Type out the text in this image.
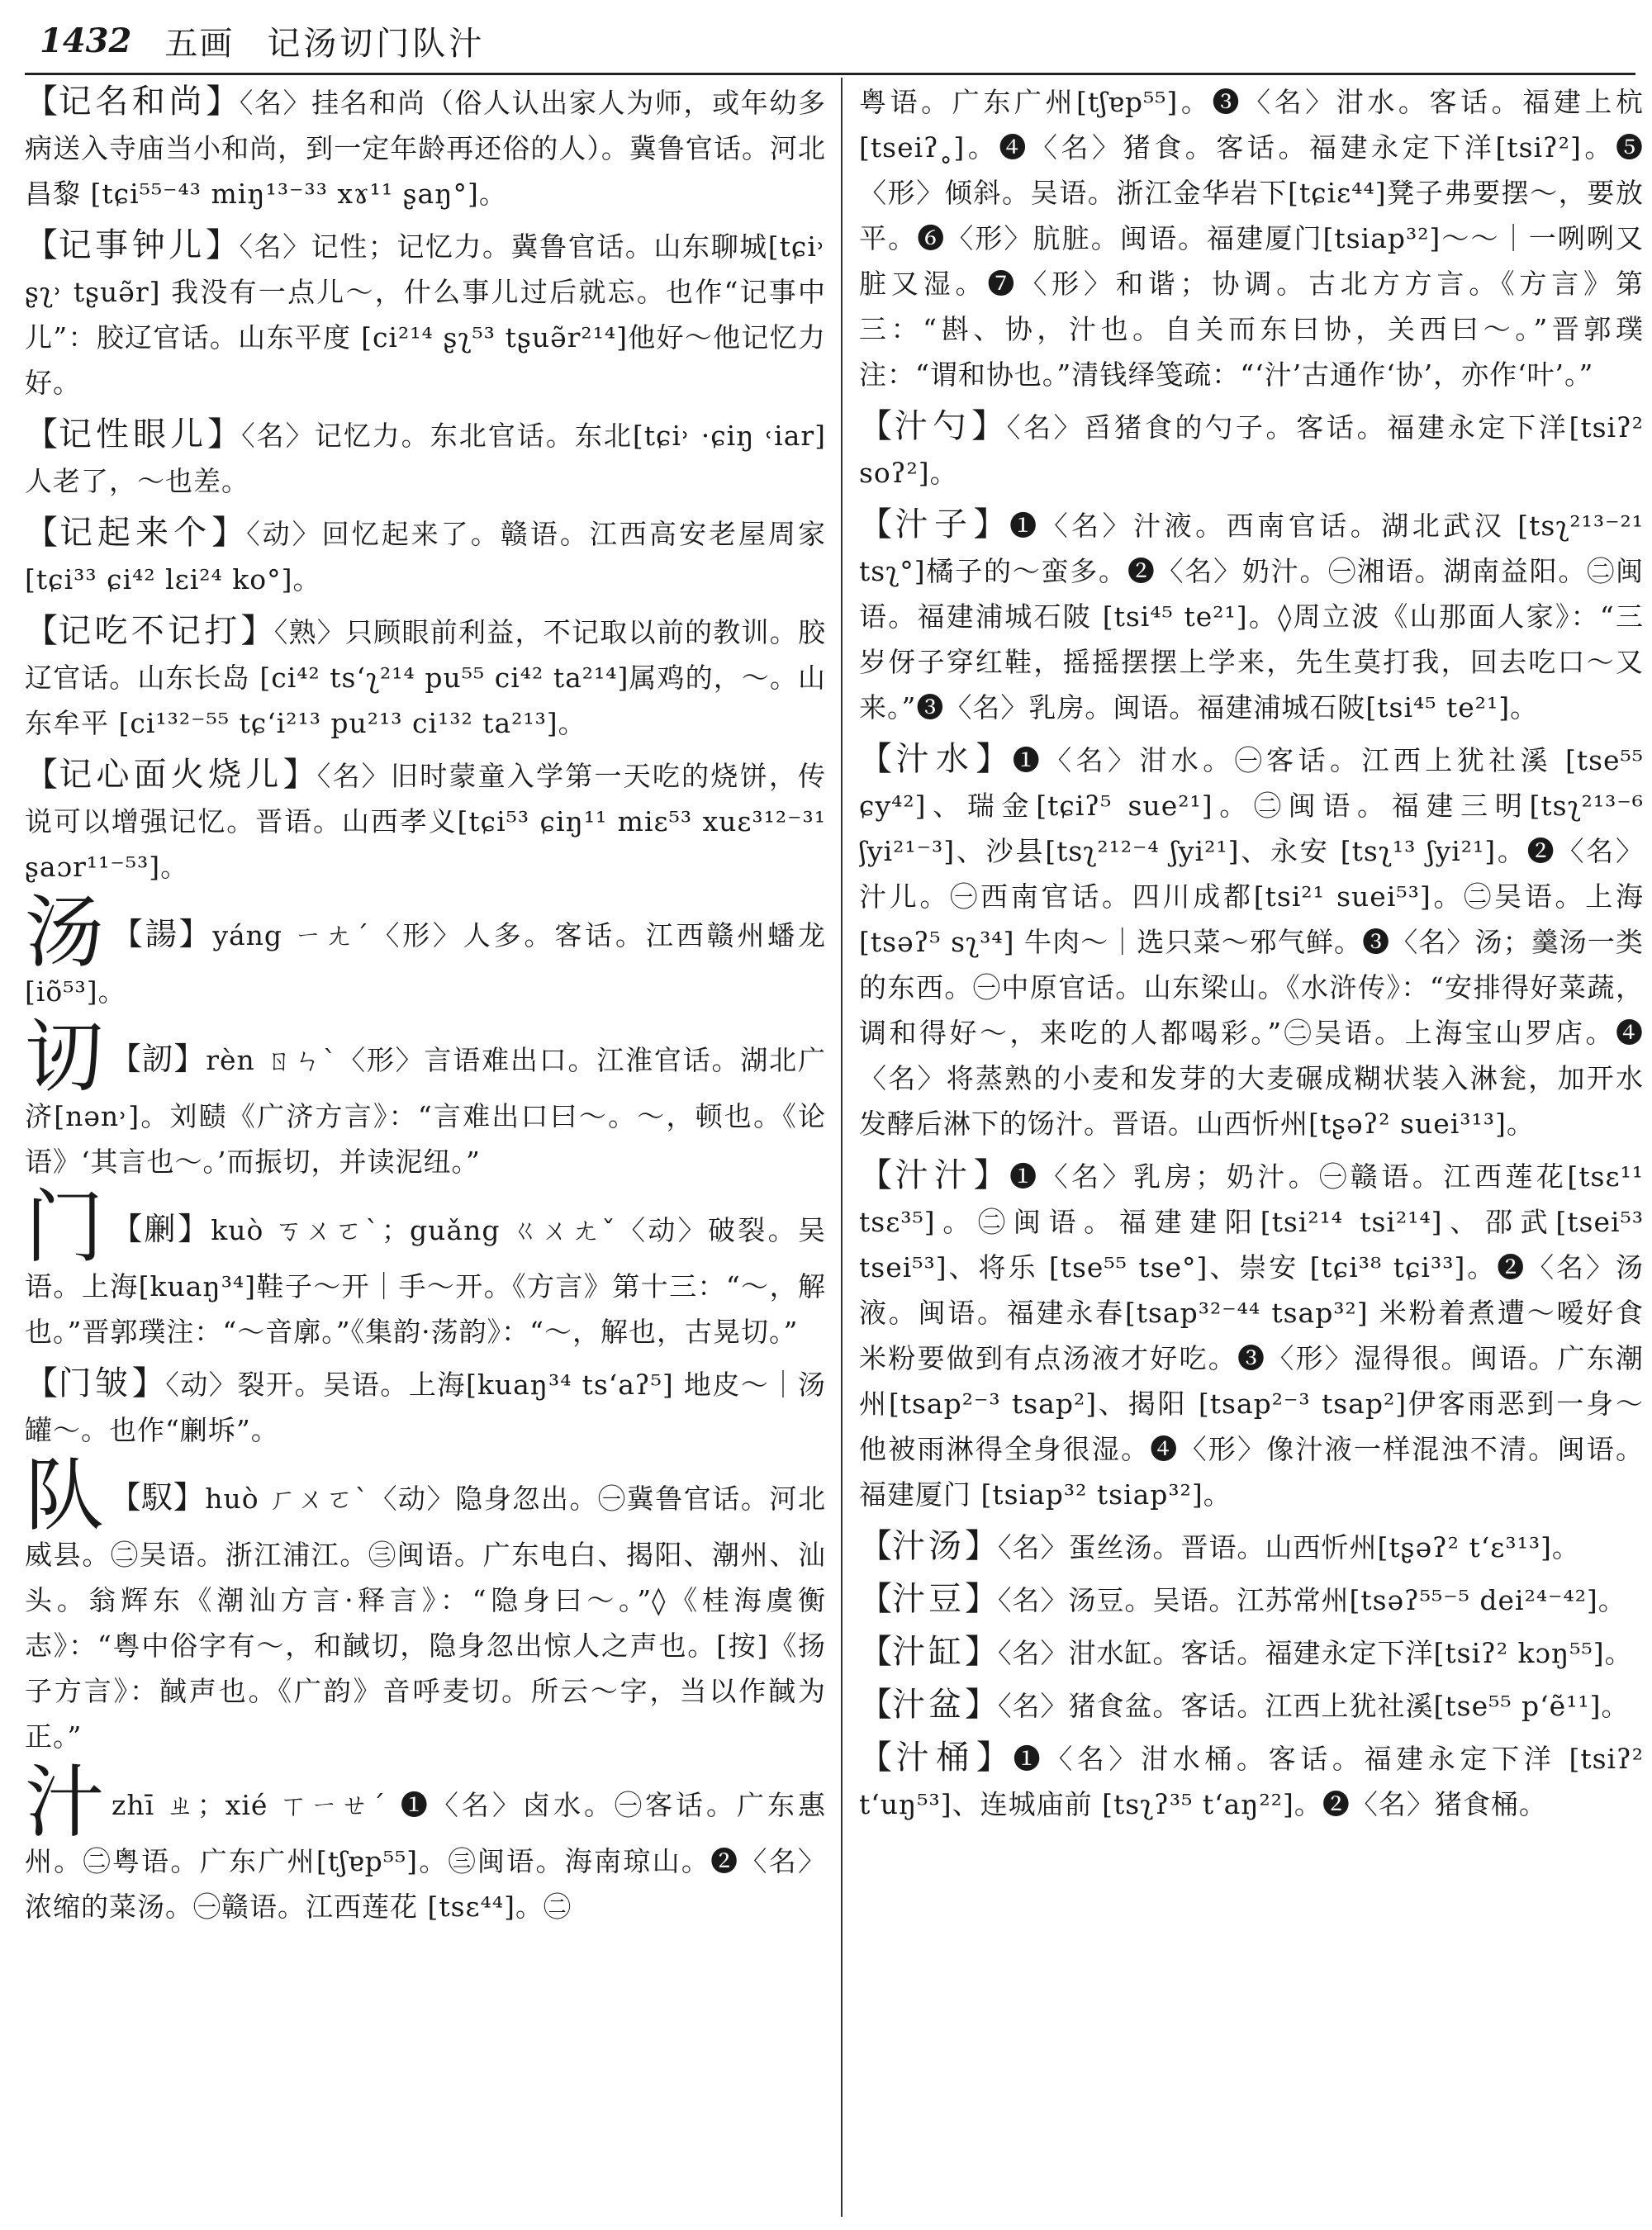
1432 五画 记汤讱门队汁

【记名和尚】〈名〉挂名和尚（俗人认出家人为师，或年幼多病送入寺庙当小和尚，到一定年龄再还俗的人）。冀鲁官话。河北昌黎 [tɕi⁵⁵⁻⁴³ miŋ¹³⁻³³ xɤ¹¹ ʂaŋ°]。

【记事钟儿】〈名〉记性；记忆力。冀鲁官话。山东聊城[tɕi˒ ʂʅ˒ tʂuə̃r] 我没有一点儿～，什么事儿过后就忘。也作“记事中儿”：胶辽官话。山东平度 [ci²¹⁴ ʂʅ⁵³ tʂuə̃r²¹⁴]他好～他记忆力好。

【记性眼儿】〈名〉记忆力。东北官话。东北[tɕi˒ ·ɕiŋ ˓iar]人老了，～也差。

【记起来个】〈动〉回忆起来了。赣语。江西高安老屋周家[tɕi³³ ɕi⁴² lɛi²⁴ ko°]。

【记吃不记打】〈熟〉只顾眼前利益，不记取以前的教训。胶辽官话。山东长岛 [ci⁴² tsʻʅ²¹⁴ pu⁵⁵ ci⁴² ta²¹⁴]属鸡的，～。山东牟平 [ci¹³²⁻⁵⁵ tɕʻi²¹³ pu²¹³ ci¹³² ta²¹³]。

【记心面火烧儿】〈名〉旧时蒙童入学第一天吃的烧饼，传说可以增强记忆。晋语。山西孝义[tɕi⁵³ ɕiŋ¹¹ miɛ⁵³ xuɛ³¹²⁻³¹ ʂaɔr¹¹⁻⁵³]。

汤 【諹】yáng ㄧㄤˊ〈形〉人多。客话。江西赣州蟠龙 [iõ⁵³]。

讱 【訒】rèn ㄖㄣˋ〈形〉言语难出口。江淮官话。湖北广济[nən˒]。刘赜《广济方言》：“言难出口曰～。～，顿也。《论语》‘其言也～。’而振切，并读泥纽。”

门 【劆】kuò ㄎㄨㄛˋ；guǎng ㄍㄨㄤˇ〈动〉破裂。吴语。上海[kuaŋ³⁴]鞋子～开｜手～开。《方言》第十三：“～，解也。”晋郭璞注：“～音廓。”《集韵·荡韵》：“～，解也，古晃切。”

【门皱】〈动〉裂开。吴语。上海[kuaŋ³⁴ tsʻaʔ⁵] 地皮～｜汤罐～。也作“劆坼”。

队 【馭】huò ㄏㄨㄛˋ〈动〉隐身忽出。㊀冀鲁官话。河北威县。㊁吴语。浙江浦江。㊂闽语。广东电白、揭阳、潮州、汕头。翁辉东《潮汕方言·释言》：“隐身曰～。”◊《桂海虞衡志》：“粤中俗字有～，和馘切，隐身忽出惊人之声也。[按]《扬子方言》：馘声也。《广韵》音呼麦切。所云～字，当以作馘为正。”

汁zhī ㄓ；xié ㄒㄧㄝˊ ❶〈名〉卤水。㊀客话。广东惠州。㊁粤语。广东广州[tʃɐp⁵⁵]。㊂闽语。海南琼山。❷〈名〉浓缩的菜汤。㊀赣语。江西莲花 [tsɛ⁴⁴]。㊁

粤语。广东广州[tʃɐp⁵⁵]。❸〈名〉泔水。客话。福建上杭[tseiʔ˳]。❹〈名〉猪食。客话。福建永定下洋[tsiʔ²]。❺〈形〉倾斜。吴语。浙江金华岩下[tɕiɛ⁴⁴]凳子弗要摆～，要放平。❻〈形〉肮脏。闽语。福建厦门[tsiap³²]～～｜一咧咧又脏又湿。❼〈形〉和谐；协调。古北方方言。《方言》第三：“斟、协，汁也。自关而东曰协，关西曰～。”晋郭璞注：“谓和协也。”清钱绎笺疏：“‘汁’古通作‘协’，亦作‘叶’。”

【汁勺】〈名〉舀猪食的勺子。客话。福建永定下洋[tsiʔ² soʔ²]。

【汁子】❶〈名〉汁液。西南官话。湖北武汉 [tsʅ²¹³⁻²¹ tsʅ°]橘子的～蛮多。❷〈名〉奶汁。㊀湘语。湖南益阳。㊁闽语。福建浦城石陂 [tsi⁴⁵ te²¹]。◊周立波《山那面人家》：“三岁伢子穿红鞋，摇摇摆摆上学来，先生莫打我，回去吃口～又来。”❸〈名〉乳房。闽语。福建浦城石陂[tsi⁴⁵ te²¹]。

【汁水】❶〈名〉泔水。㊀客话。江西上犹社溪 [tse⁵⁵ ɕy⁴²]、瑞金[tɕiʔ⁵ sue²¹]。㊁闽语。福建三明[tsʅ²¹³⁻⁶ ʃyi²¹⁻³]、沙县[tsʅ²¹²⁻⁴ ʃyi²¹]、永安 [tsʅ¹³ ʃyi²¹]。❷〈名〉汁儿。㊀西南官话。四川成都[tsi²¹ suei⁵³]。㊁吴语。上海[tsəʔ⁵ sʅ³⁴] 牛肉～｜选只菜～邪气鲜。❸〈名〉汤；羹汤一类的东西。㊀中原官话。山东梁山。《水浒传》：“安排得好菜蔬，调和得好～，来吃的人都喝彩。”㊁吴语。上海宝山罗店。❹〈名〉将蒸熟的小麦和发芽的大麦碾成糊状装入淋瓮，加开水发酵后淋下的饧汁。晋语。山西忻州[tʂəʔ² suei³¹³]。

【汁汁】❶〈名〉乳房；奶汁。㊀赣语。江西莲花[tsɛ¹¹ tsɛ³⁵]。㊁闽语。福建建阳[tsi²¹⁴ tsi²¹⁴]、邵武[tsei⁵³ tsei⁵³]、将乐 [tse⁵⁵ tse°]、崇安 [tɕi³⁸ tɕi³³]。❷〈名〉汤液。闽语。福建永春[tsap³²⁻⁴⁴ tsap³²] 米粉着煮遭～嗳好食米粉要做到有点汤液才好吃。❸〈形〉湿得很。闽语。广东潮州[tsap²⁻³ tsap²]、揭阳 [tsap²⁻³ tsap²]伊客雨恶到一身～他被雨淋得全身很湿。❹〈形〉像汁液一样混浊不清。闽语。福建厦门 [tsiap³² tsiap³²]。

【汁汤】〈名〉蛋丝汤。晋语。山西忻州[tʂəʔ² tʻɛ³¹³]。

【汁豆】〈名〉汤豆。吴语。江苏常州[tsəʔ⁵⁵⁻⁵ dei²⁴⁻⁴²]。

【汁缸】〈名〉泔水缸。客话。福建永定下洋[tsiʔ² kɔŋ⁵⁵]。

【汁盆】〈名〉猪食盆。客话。江西上犹社溪[tse⁵⁵ pʻẽ¹¹]。

【汁桶】❶〈名〉泔水桶。客话。福建永定下洋 [tsiʔ² tʻuŋ⁵³]、连城庙前 [tsʅʔ³⁵ tʻaŋ²²]。❷〈名〉猪食桶。
